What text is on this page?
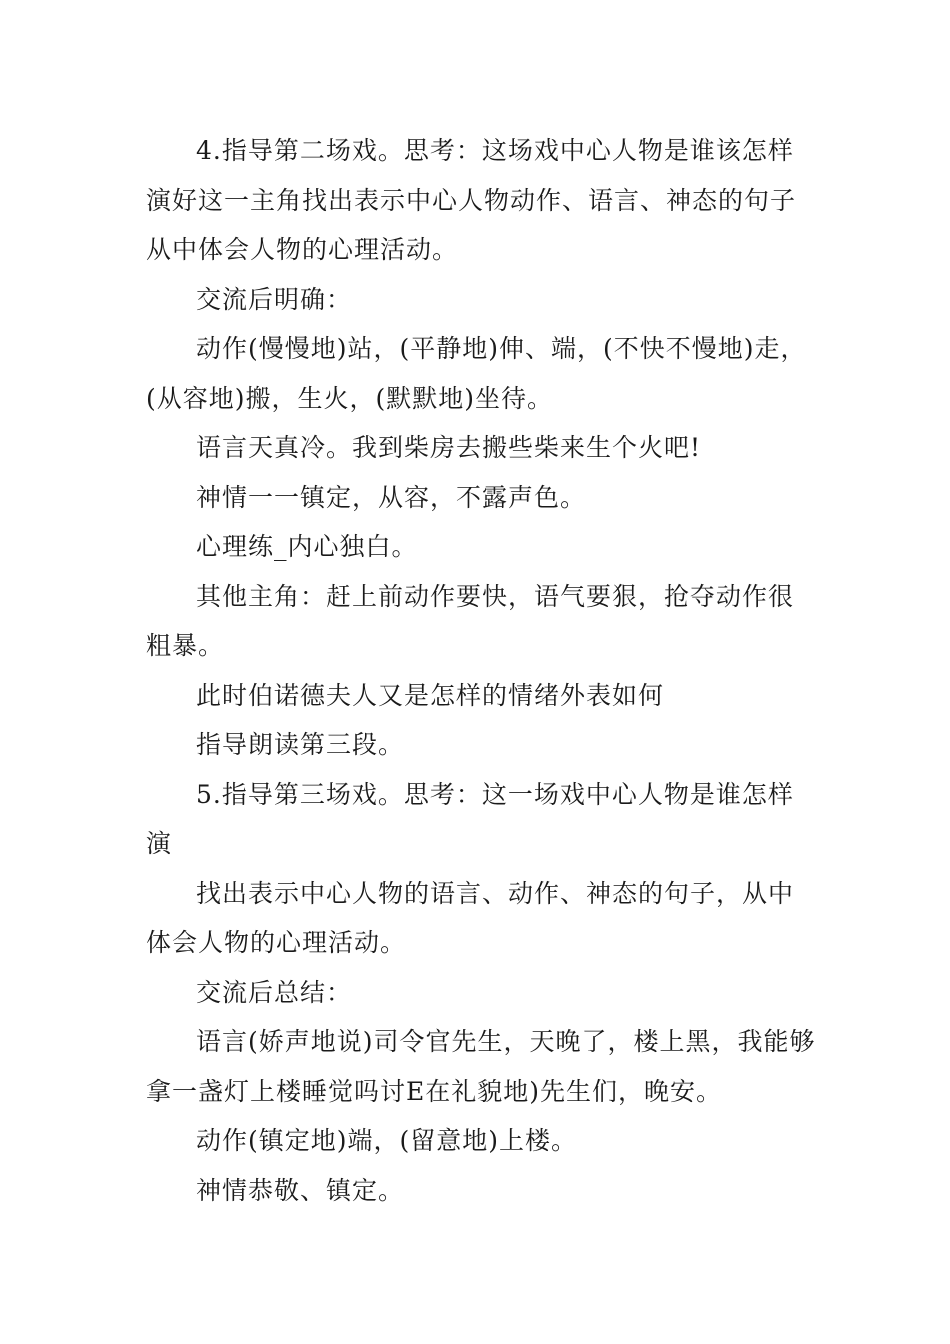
4.指导第二场戏。思考：这场戏中心人物是谁该怎样演好这一主角找出表示中心人物动作、语言、神态的句子从中体会人物的心理活动。

交流后明确：

动作(慢慢地)站，(平静地)伸、端，(不快不慢地)走，(从容地)搬，生火，(默默地)坐待。

语言天真冷。我到柴房去搬些柴来生个火吧!

神情一一镇定，从容，不露声色。

心理练_内心独白。

其他主角：赶上前动作要快，语气要狠，抢夺动作很粗暴。

此时伯诺德夫人又是怎样的情绪外表如何

指导朗读第三段。

5.指导第三场戏。思考：这一场戏中心人物是谁怎样演

找出表示中心人物的语言、动作、神态的句子，从中体会人物的心理活动。

交流后总结：

语言(娇声地说)司令官先生，天晚了，楼上黑，我能够拿一盏灯上楼睡觉吗讨E在礼貌地)先生们，晚安。

动作(镇定地)端，(留意地)上楼。

神情恭敬、镇定。
